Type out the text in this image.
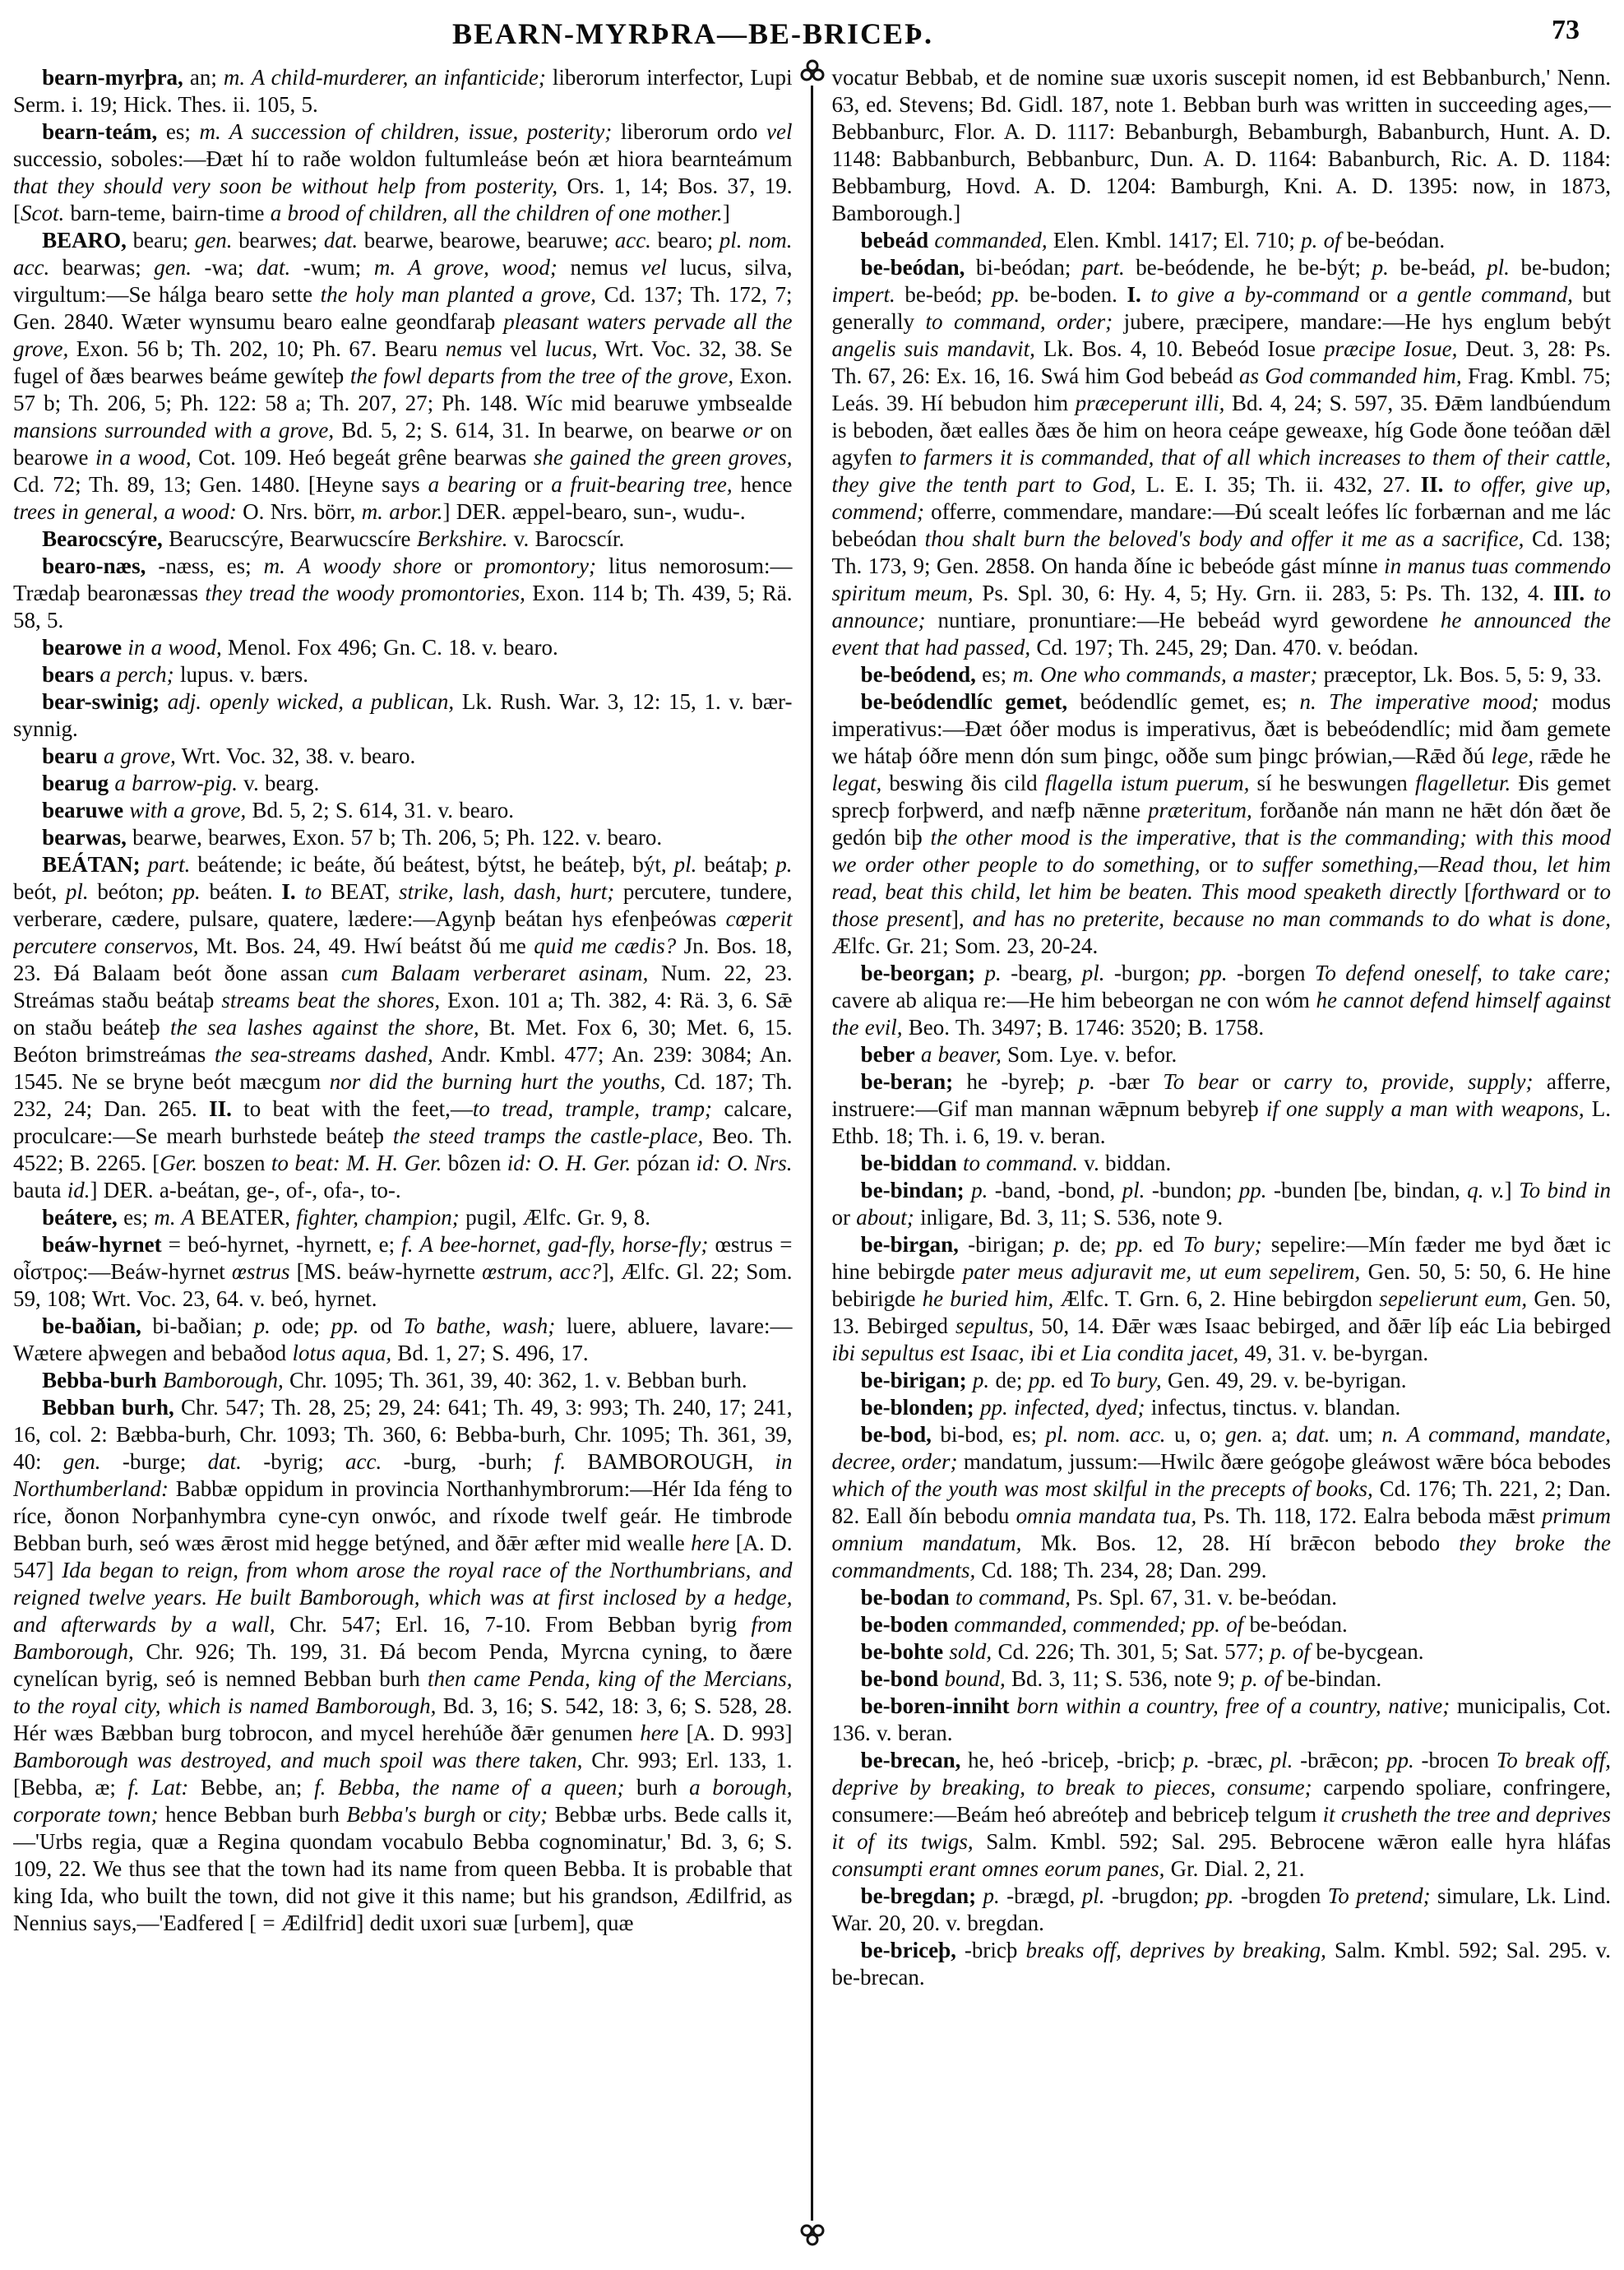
BEARN-MYRÞRA—BE-BRICEÞ.	73

bearn-myrþra, an; m. A child-murderer, an infanticide; liberorum interfector, Lupi Serm. i. 19; Hick. Thes. ii. 105, 5.

bearn-teám, es; m. A succession of children, issue, posterity; liberorum ordo vel successio, soboles:—Ðæt hí to raðe woldon fultumleáse beón æt hiora bearnteámum that they should very soon be without help from posterity, Ors. 1, 14; Bos. 37, 19. [Scot. barn-teme, bairn-time a brood of children, all the children of one mother.]

BEARO, bearu; gen. bearwes; dat. bearwe, bearowe, bearuwe; acc. bearo; pl. nom. acc. bearwas; gen. -wa; dat. -wum; m. A grove, wood; nemus vel lucus, silva, virgultum:—Se hálga bearo sette the holy man planted a grove, Cd. 137; Th. 172, 7; Gen. 2840. Wæter wynsumu bearo ealne geondfaraþ pleasant waters pervade all the grove, Exon. 56 b; Th. 202, 10; Ph. 67. Bearu nemus vel lucus, Wrt. Voc. 32, 38. Se fugel of ðæs bearwes beáme gewíteþ the fowl departs from the tree of the grove, Exon. 57 b; Th. 206, 5; Ph. 122: 58 a; Th. 207, 27; Ph. 148. Wíc mid bearuwe ymbsealde mansions surrounded with a grove, Bd. 5, 2; S. 614, 31. In bearwe, on bearwe or on bearowe in a wood, Cot. 109. Heó begeát grêne bearwas she gained the green groves, Cd. 72; Th. 89, 13; Gen. 1480. [Heyne says a bearing or a fruit-bearing tree, hence trees in general, a wood: O. Nrs. börr, m. arbor.] DER. æppel-bearo, sun-, wudu-.

Bearocscýre, Bearucscýre, Bearwucscíre Berkshire. v. Barocscír.

bearo-næs, -næss, es; m. A woody shore or promontory; litus nemorosum:—Trædaþ bearonæssas they tread the woody promontories, Exon. 114 b; Th. 439, 5; Rä. 58, 5.

bearowe in a wood, Menol. Fox 496; Gn. C. 18. v. bearo.

bears a perch; lupus. v. bærs.

bear-swinig; adj. openly wicked, a publican, Lk. Rush. War. 3, 12: 15, 1. v. bær-synnig.

bearu a grove, Wrt. Voc. 32, 38. v. bearo.

bearug a barrow-pig. v. bearg.

bearuwe with a grove, Bd. 5, 2; S. 614, 31. v. bearo.

bearwas, bearwe, bearwes, Exon. 57 b; Th. 206, 5; Ph. 122. v. bearo.

BEÁTAN; part. beátende; ic beáte, ðú beátest, býtst, he beáteþ, být, pl. beátaþ; p. beót, pl. beóton; pp. beáten. I. to BEAT, strike, lash, dash, hurt; percutere, tundere, verberare, cædere, pulsare, quatere, lædere:—Agynþ beátan hys efenþeówas cœperit percutere conservos, Mt. Bos. 24, 49. Hwí beátst ðú me quid me cædis? Jn. Bos. 18, 23. Ðá Balaam beót ðone assan cum Balaam verberaret asinam, Num. 22, 23. Streámas staðu beátaþ streams beat the shores, Exon. 101 a; Th. 382, 4: Rä. 3, 6. Sǣ on staðu beáteþ the sea lashes against the shore, Bt. Met. Fox 6, 30; Met. 6, 15. Beóton brimstreámas the sea-streams dashed, Andr. Kmbl. 477; An. 239: 3084; An. 1545. Ne se bryne beót mæcgum nor did the burning hurt the youths, Cd. 187; Th. 232, 24; Dan. 265. II. to beat with the feet,—to tread, trample, tramp; calcare, proculcare:—Se mearh burhstede beáteþ the steed tramps the castle-place, Beo. Th. 4522; B. 2265. [Ger. boszen to beat: M. H. Ger. bôzen id: O. H. Ger. pózan id: O. Nrs. bauta id.] DER. a-beátan, ge-, of-, ofa-, to-.

beátere, es; m. A BEATER, fighter, champion; pugil, Ælfc. Gr. 9, 8.

beáw-hyrnet = beó-hyrnet, -hyrnett, e; f. A bee-hornet, gad-fly, horse-fly; œstrus = οἶστρος:—Beáw-hyrnet œstrus [MS. beáw-hyrnette œstrum, acc?], Ælfc. Gl. 22; Som. 59, 108; Wrt. Voc. 23, 64. v. beó, hyrnet.

be-baðian, bi-baðian; p. ode; pp. od To bathe, wash; luere, abluere, lavare:—Wætere aþwegen and bebaðod lotus aqua, Bd. 1, 27; S. 496, 17.

Bebba-burh Bamborough, Chr. 1095; Th. 361, 39, 40: 362, 1. v. Bebban burh.

Bebban burh, Chr. 547; Th. 28, 25; 29, 24: 641; Th. 49, 3: 993; Th. 240, 17; 241, 16, col. 2: Bæbba-burh, Chr. 1093; Th. 360, 6: Bebba-burh, Chr. 1095; Th. 361, 39, 40: gen. -burge; dat. -byrig; acc. -burg, -burh; f. BAMBOROUGH, in Northumberland: Babbæ oppidum in provincia Northanhymbrorum:—Hér Ida féng to ríce, ðonon Norþanhymbra cyne-cyn onwóc, and ríxode twelf geár. He timbrode Bebban burh, seó wæs ǣrost mid hegge betýned, and ðǣr æfter mid wealle here [A. D. 547] Ida began to reign, from whom arose the royal race of the Northumbrians, and reigned twelve years. He built Bamborough, which was at first inclosed by a hedge, and afterwards by a wall, Chr. 547; Erl. 16, 7-10. From Bebban byrig from Bamborough, Chr. 926; Th. 199, 31. Ðá becom Penda, Myrcna cyning, to ðære cynelícan byrig, seó is nemned Bebban burh then came Penda, king of the Mercians, to the royal city, which is named Bamborough, Bd. 3, 16; S. 542, 18: 3, 6; S. 528, 28. Hér wæs Bæbban burg tobrocon, and mycel herehúðe ðǣr genumen here [A. D. 993] Bamborough was destroyed, and much spoil was there taken, Chr. 993; Erl. 133, 1. [Bebba, æ; f. Lat: Bebbe, an; f. Bebba, the name of a queen; burh a borough, corporate town; hence Bebban burh Bebba's burgh or city; Bebbæ urbs. Bede calls it,—'Urbs regia, quæ a Regina quondam vocabulo Bebba cognominatur,' Bd. 3, 6; S. 109, 22. We thus see that the town had its name from queen Bebba. It is probable that king Ida, who built the town, did not give it this name; but his grandson, Ædilfrid, as Nennius says,—'Eadfered [ = Ædilfrid] dedit uxori suæ [urbem], quæ

vocatur Bebbab, et de nomine suæ uxoris suscepit nomen, id est Bebbanburch,' Nenn. 63, ed. Stevens; Bd. Gidl. 187, note 1. Bebban burh was written in succeeding ages,—Bebbanburc, Flor. A. D. 1117: Bebanburgh, Bebamburgh, Babanburch, Hunt. A. D. 1148: Babbanburch, Bebbanburc, Dun. A. D. 1164: Babanburch, Ric. A. D. 1184: Bebbamburg, Hovd. A. D. 1204: Bamburgh, Kni. A. D. 1395: now, in 1873, Bamborough.]

bebeád commanded, Elen. Kmbl. 1417; El. 710; p. of be-beódan.

be-beódan, bi-beódan; part. be-beódende, he be-být; p. be-beád, pl. be-budon; impert. be-beód; pp. be-boden. I. to give a by-command or a gentle command, but generally to command, order; jubere, præcipere, mandare:—He hys englum bebýt angelis suis mandavit, Lk. Bos. 4, 10. Bebeód Iosue præcipe Iosue, Deut. 3, 28: Ps. Th. 67, 26: Ex. 16, 16. Swá him God bebeád as God commanded him, Frag. Kmbl. 75; Leás. 39. Hí bebudon him præceperunt illi, Bd. 4, 24; S. 597, 35. Ðǣm landbúendum is beboden, ðæt ealles ðæs ðe him on heora ceápe geweaxe, híg Gode ðone teóðan dǣl agyfen to farmers it is commanded, that of all which increases to them of their cattle, they give the tenth part to God, L. E. I. 35; Th. ii. 432, 27. II. to offer, give up, commend; offerre, commendare, mandare:—Ðú scealt leófes líc forbærnan and me lác bebeódan thou shalt burn the beloved's body and offer it me as a sacrifice, Cd. 138; Th. 173, 9; Gen. 2858. On handa ðíne ic bebeóde gást mínne in manus tuas commendo spiritum meum, Ps. Spl. 30, 6: Hy. 4, 5; Hy. Grn. ii. 283, 5: Ps. Th. 132, 4. III. to announce; nuntiare, pronuntiare:—He bebeád wyrd gewordene he announced the event that had passed, Cd. 197; Th. 245, 29; Dan. 470. v. beódan.

be-beódend, es; m. One who commands, a master; præceptor, Lk. Bos. 5, 5: 9, 33.

be-beódendlíc gemet, beódendlíc gemet, es; n. The imperative mood; modus imperativus:—Ðæt óðer modus is imperativus, ðæt is bebeódendlíc; mid ðam gemete we hátaþ óðre menn dón sum þingc, oððe sum þingc þrówian,—Rǣd ðú lege, rǣde he legat, beswing ðis cild flagella istum puerum, sí he beswungen flagelletur. Ðis gemet sprecþ forþwerd, and næfþ nǣnne præteritum, forðanðe nán mann ne hǣt dón ðæt ðe gedón biþ the other mood is the imperative, that is the commanding; with this mood we order other people to do something, or to suffer something,—Read thou, let him read, beat this child, let him be beaten. This mood speaketh directly [forthward or to those present], and has no preterite, because no man commands to do what is done, Ælfc. Gr. 21; Som. 23, 20-24.

be-beorgan; p. -bearg, pl. -burgon; pp. -borgen To defend oneself, to take care; cavere ab aliqua re:—He him bebeorgan ne con wóm he cannot defend himself against the evil, Beo. Th. 3497; B. 1746: 3520; B. 1758.

beber a beaver, Som. Lye. v. befor.

be-beran; he -byreþ; p. -bær To bear or carry to, provide, supply; afferre, instruere:—Gif man mannan wǣpnum bebyreþ if one supply a man with weapons, L. Ethb. 18; Th. i. 6, 19. v. beran.

be-biddan to command. v. biddan.

be-bindan; p. -band, -bond, pl. -bundon; pp. -bunden [be, bindan, q. v.] To bind in or about; inligare, Bd. 3, 11; S. 536, note 9.

be-birgan, -birigan; p. de; pp. ed To bury; sepelire:—Mín fæder me byd ðæt ic hine bebirgde pater meus adjuravit me, ut eum sepelirem, Gen. 50, 5: 50, 6. He hine bebirigde he buried him, Ælfc. T. Grn. 6, 2. Hine bebirgdon sepelierunt eum, Gen. 50, 13. Bebirged sepultus, 50, 14. Ðǣr wæs Isaac bebirged, and ðǣr líþ eác Lia bebirged ibi sepultus est Isaac, ibi et Lia condita jacet, 49, 31. v. be-byrgan.

be-birigan; p. de; pp. ed To bury, Gen. 49, 29. v. be-byrigan.

be-blonden; pp. infected, dyed; infectus, tinctus. v. blandan.

be-bod, bi-bod, es; pl. nom. acc. u, o; gen. a; dat. um; n. A command, mandate, decree, order; mandatum, jussum:—Hwilc ðære geógoþe gleáwost wǣre bóca bebodes which of the youth was most skilful in the precepts of books, Cd. 176; Th. 221, 2; Dan. 82. Eall ðín bebodu omnia mandata tua, Ps. Th. 118, 172. Ealra beboda mǣst primum omnium mandatum, Mk. Bos. 12, 28. Hí brǣcon bebodo they broke the commandments, Cd. 188; Th. 234, 28; Dan. 299.

be-bodan to command, Ps. Spl. 67, 31. v. be-beódan.

be-boden commanded, commended; pp. of be-beódan.

be-bohte sold, Cd. 226; Th. 301, 5; Sat. 577; p. of be-bycgean.

be-bond bound, Bd. 3, 11; S. 536, note 9; p. of be-bindan.

be-boren-inniht born within a country, free of a country, native; municipalis, Cot. 136. v. beran.

be-brecan, he, heó -briceþ, -bricþ; p. -bræc, pl. -brǣcon; pp. -brocen To break off, deprive by breaking, to break to pieces, consume; carpendo spoliare, confringere, consumere:—Beám heó abreóteþ and bebriceþ telgum it crusheth the tree and deprives it of its twigs, Salm. Kmbl. 592; Sal. 295. Bebrocene wǣron ealle hyra hláfas consumpti erant omnes eorum panes, Gr. Dial. 2, 21.

be-bregdan; p. -brægd, pl. -brugdon; pp. -brogden To pretend; simulare, Lk. Lind. War. 20, 20. v. bregdan.

be-briceþ, -bricþ breaks off, deprives by breaking, Salm. Kmbl. 592; Sal. 295. v. be-brecan.
